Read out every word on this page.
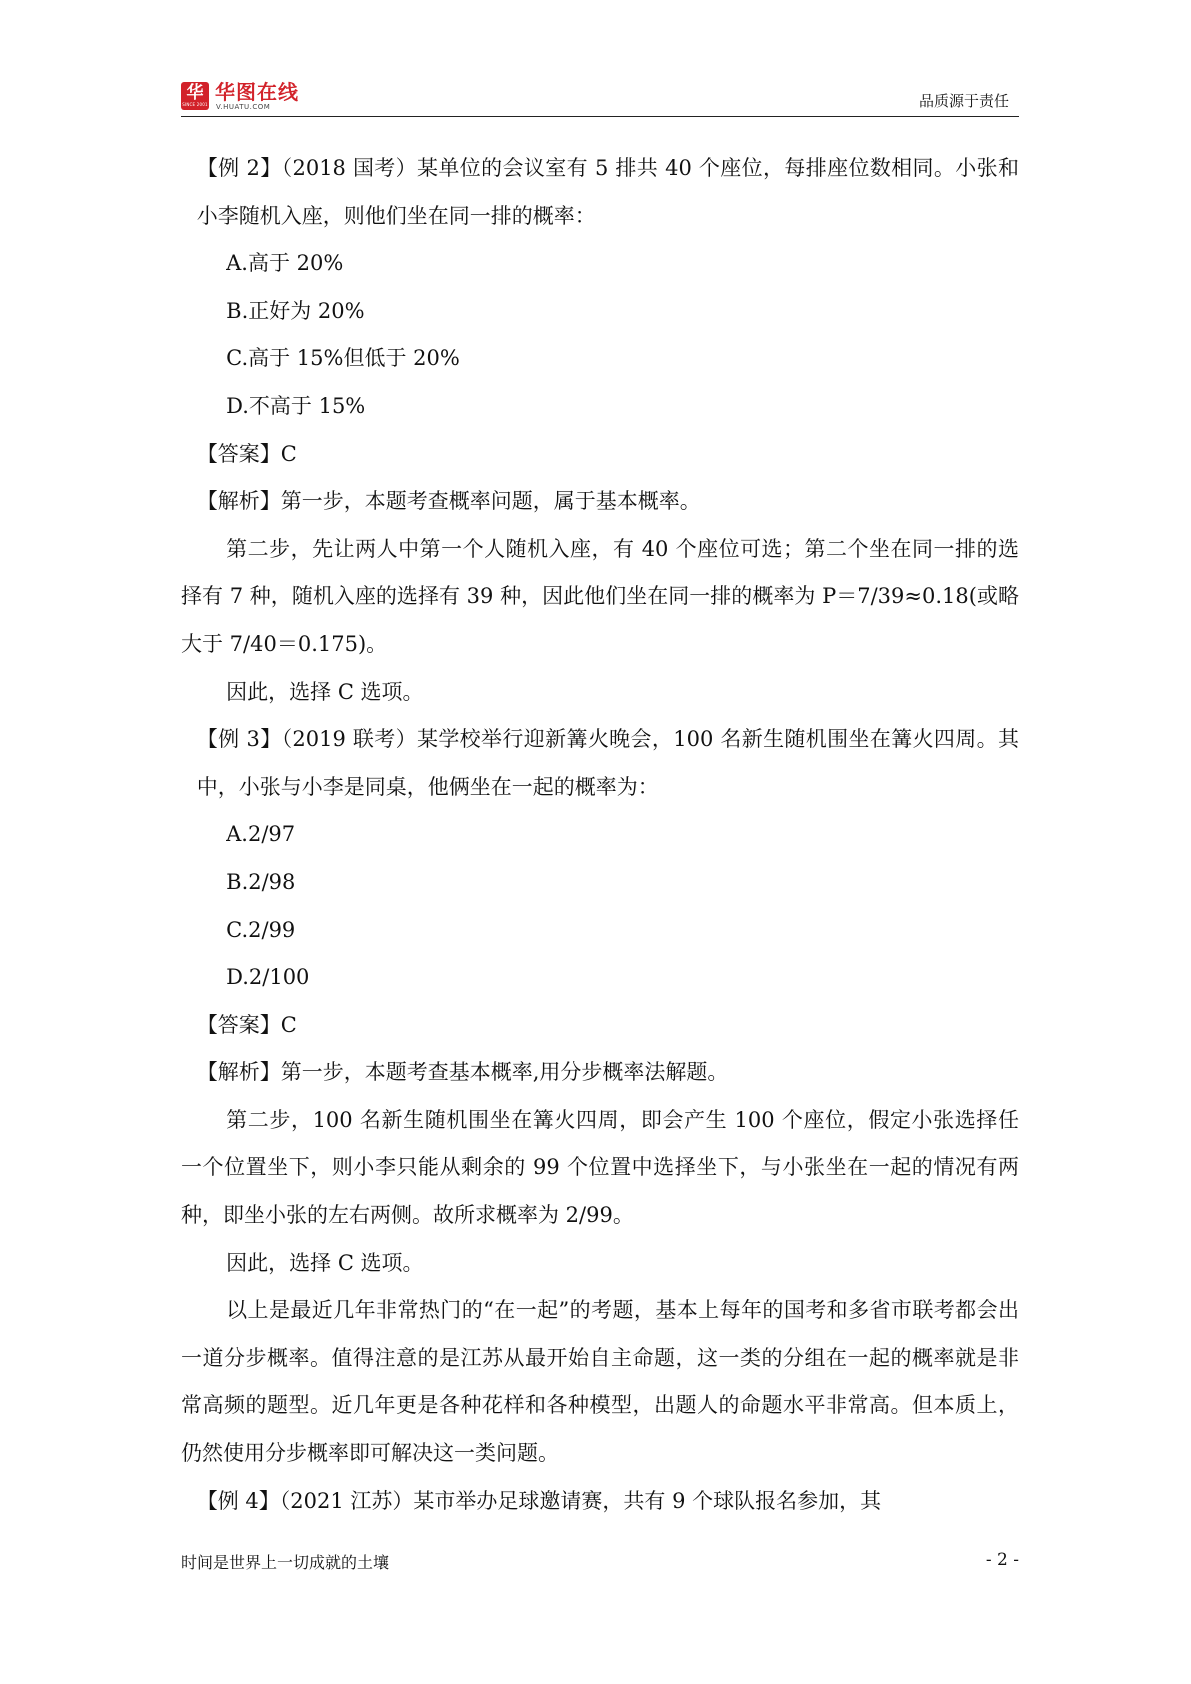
华
SINCE 2001
华图在线
V.HUATU.COM	品质源于责任

【例 2】（2018 国考）某单位的会议室有 5 排共 40 个座位，每排座位数相同。小张和小李随机入座，则他们坐在同一排的概率：

A.高于 20%

B.正好为 20%

C.高于 15%但低于 20%

D.不高于 15%

【答案】C

【解析】第一步，本题考查概率问题，属于基本概率。

第二步，先让两人中第一个人随机入座，有 40 个座位可选；第二个坐在同一排的选择有 7 种，随机入座的选择有 39 种，因此他们坐在同一排的概率为 P＝7/39≈0.18(或略大于 7/40＝0.175)。

因此，选择 C 选项。

【例 3】（2019 联考）某学校举行迎新篝火晚会，100 名新生随机围坐在篝火四周。其中，小张与小李是同桌，他俩坐在一起的概率为：

A.2/97

B.2/98

C.2/99

D.2/100

【答案】C

【解析】第一步，本题考查基本概率,用分步概率法解题。

第二步，100 名新生随机围坐在篝火四周，即会产生 100 个座位，假定小张选择任一个位置坐下，则小李只能从剩余的 99 个位置中选择坐下，与小张坐在一起的情况有两种，即坐小张的左右两侧。故所求概率为 2/99。

因此，选择 C 选项。

以上是最近几年非常热门的“在一起”的考题，基本上每年的国考和多省市联考都会出一道分步概率。值得注意的是江苏从最开始自主命题，这一类的分组在一起的概率就是非常高频的题型。近几年更是各种花样和各种模型，出题人的命题水平非常高。但本质上，仍然使用分步概率即可解决这一类问题。

【例 4】（2021 江苏）某市举办足球邀请赛，共有 9 个球队报名参加，其

时间是世界上一切成就的土壤	- 2 -
